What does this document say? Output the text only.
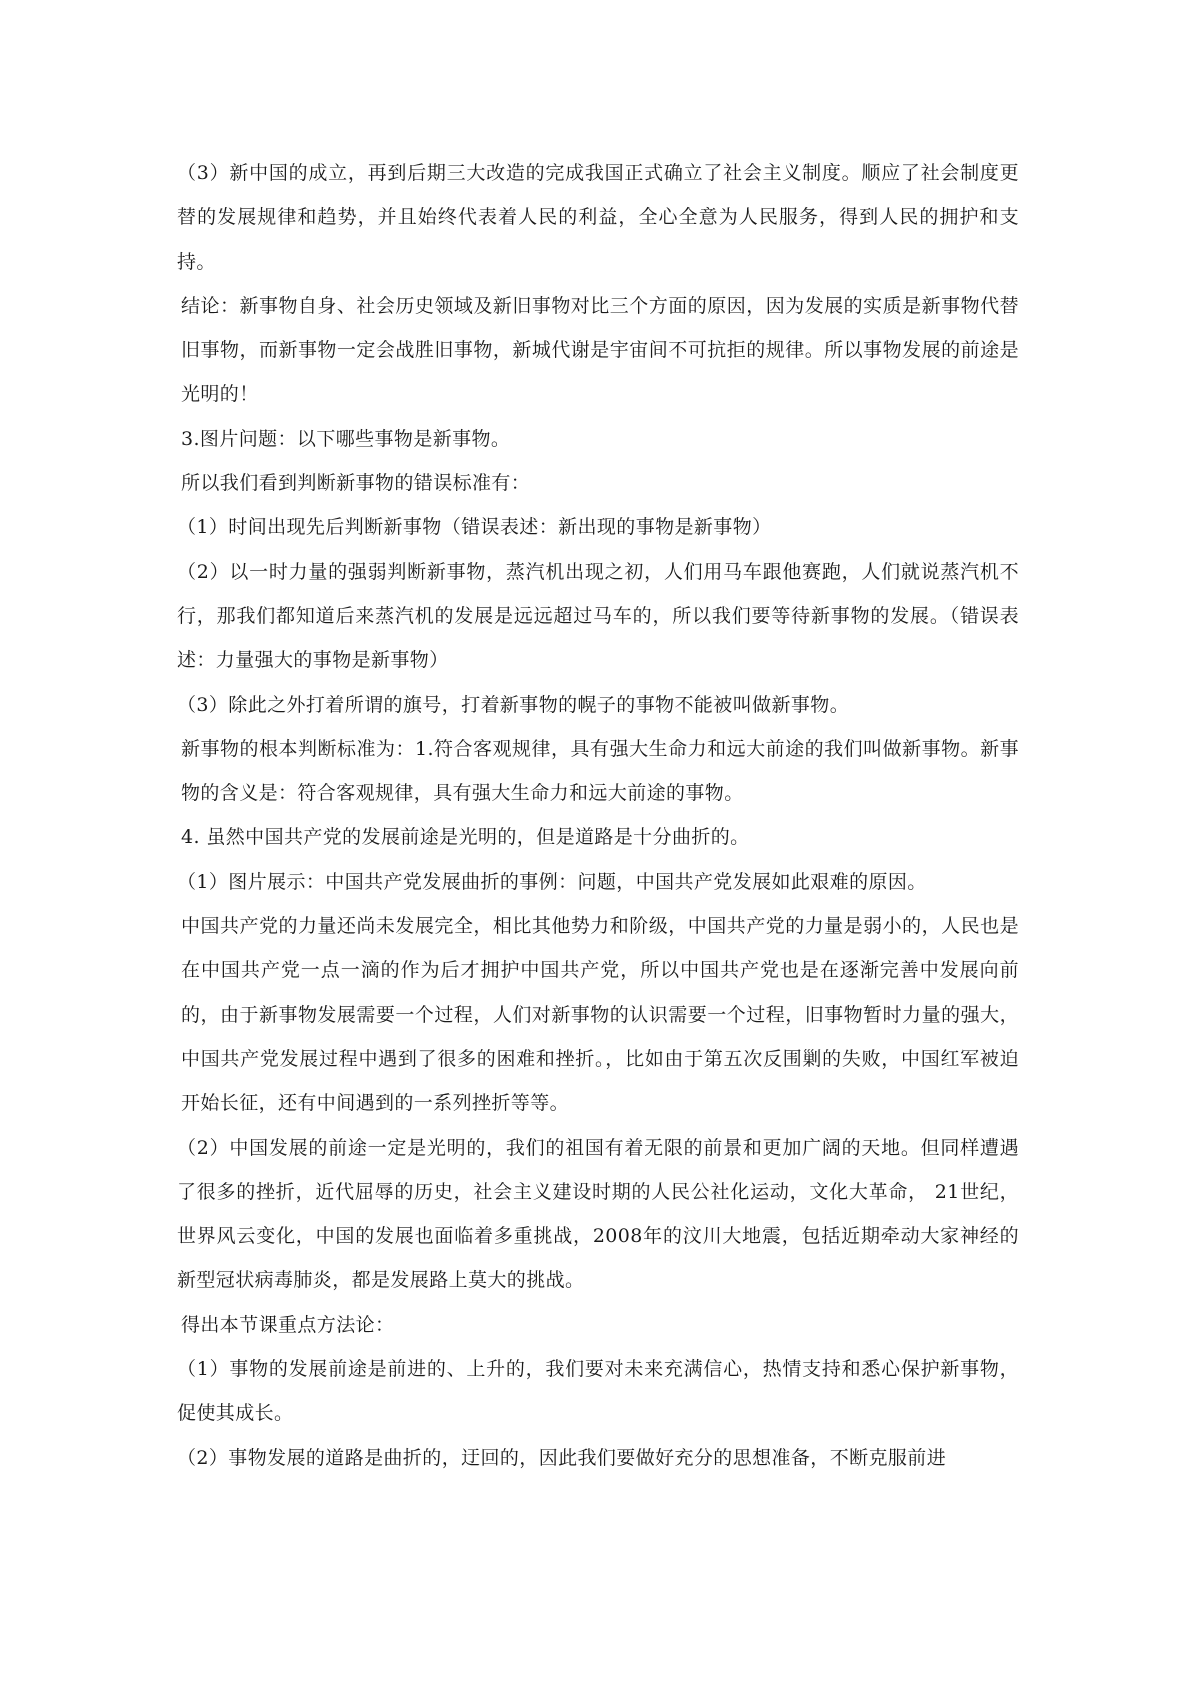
（3）新中国的成立，再到后期三大改造的完成我国正式确立了社会主义制度。顺应了社会制度更替的发展规律和趋势，并且始终代表着人民的利益，全心全意为人民服务，得到人民的拥护和支持。

结论：新事物自身、社会历史领域及新旧事物对比三个方面的原因，因为发展的实质是新事物代替旧事物，而新事物一定会战胜旧事物，新城代谢是宇宙间不可抗拒的规律。所以事物发展的前途是光明的！

3.图片问题：以下哪些事物是新事物。

所以我们看到判断新事物的错误标准有：

（1）时间出现先后判断新事物（错误表述：新出现的事物是新事物）

（2）以一时力量的强弱判断新事物，蒸汽机出现之初，人们用马车跟他赛跑，人们就说蒸汽机不行，那我们都知道后来蒸汽机的发展是远远超过马车的，所以我们要等待新事物的发展。（错误表述：力量强大的事物是新事物）

（3）除此之外打着所谓的旗号，打着新事物的幌子的事物不能被叫做新事物。

新事物的根本判断标准为：1.符合客观规律，具有强大生命力和远大前途的我们叫做新事物。新事物的含义是：符合客观规律，具有强大生命力和远大前途的事物。

4. 虽然中国共产党的发展前途是光明的，但是道路是十分曲折的。

（1）图片展示：中国共产党发展曲折的事例：问题，中国共产党发展如此艰难的原因。

中国共产党的力量还尚未发展完全，相比其他势力和阶级，中国共产党的力量是弱小的，人民也是在中国共产党一点一滴的作为后才拥护中国共产党，所以中国共产党也是在逐渐完善中发展向前的，由于新事物发展需要一个过程，人们对新事物的认识需要一个过程，旧事物暂时力量的强大，中国共产党发展过程中遇到了很多的困难和挫折。，比如由于第五次反围剿的失败，中国红军被迫开始长征，还有中间遇到的一系列挫折等等。

（2）中国发展的前途一定是光明的，我们的祖国有着无限的前景和更加广阔的天地。但同样遭遇了很多的挫折，近代屈辱的历史，社会主义建设时期的人民公社化运动，文化大革命， 21世纪，世界风云变化，中国的发展也面临着多重挑战，2008年的汶川大地震，包括近期牵动大家神经的新型冠状病毒肺炎，都是发展路上莫大的挑战。

得出本节课重点方法论：

（1）事物的发展前途是前进的、上升的，我们要对未来充满信心，热情支持和悉心保护新事物，促使其成长。

（2）事物发展的道路是曲折的，迂回的，因此我们要做好充分的思想准备，不断克服前进
